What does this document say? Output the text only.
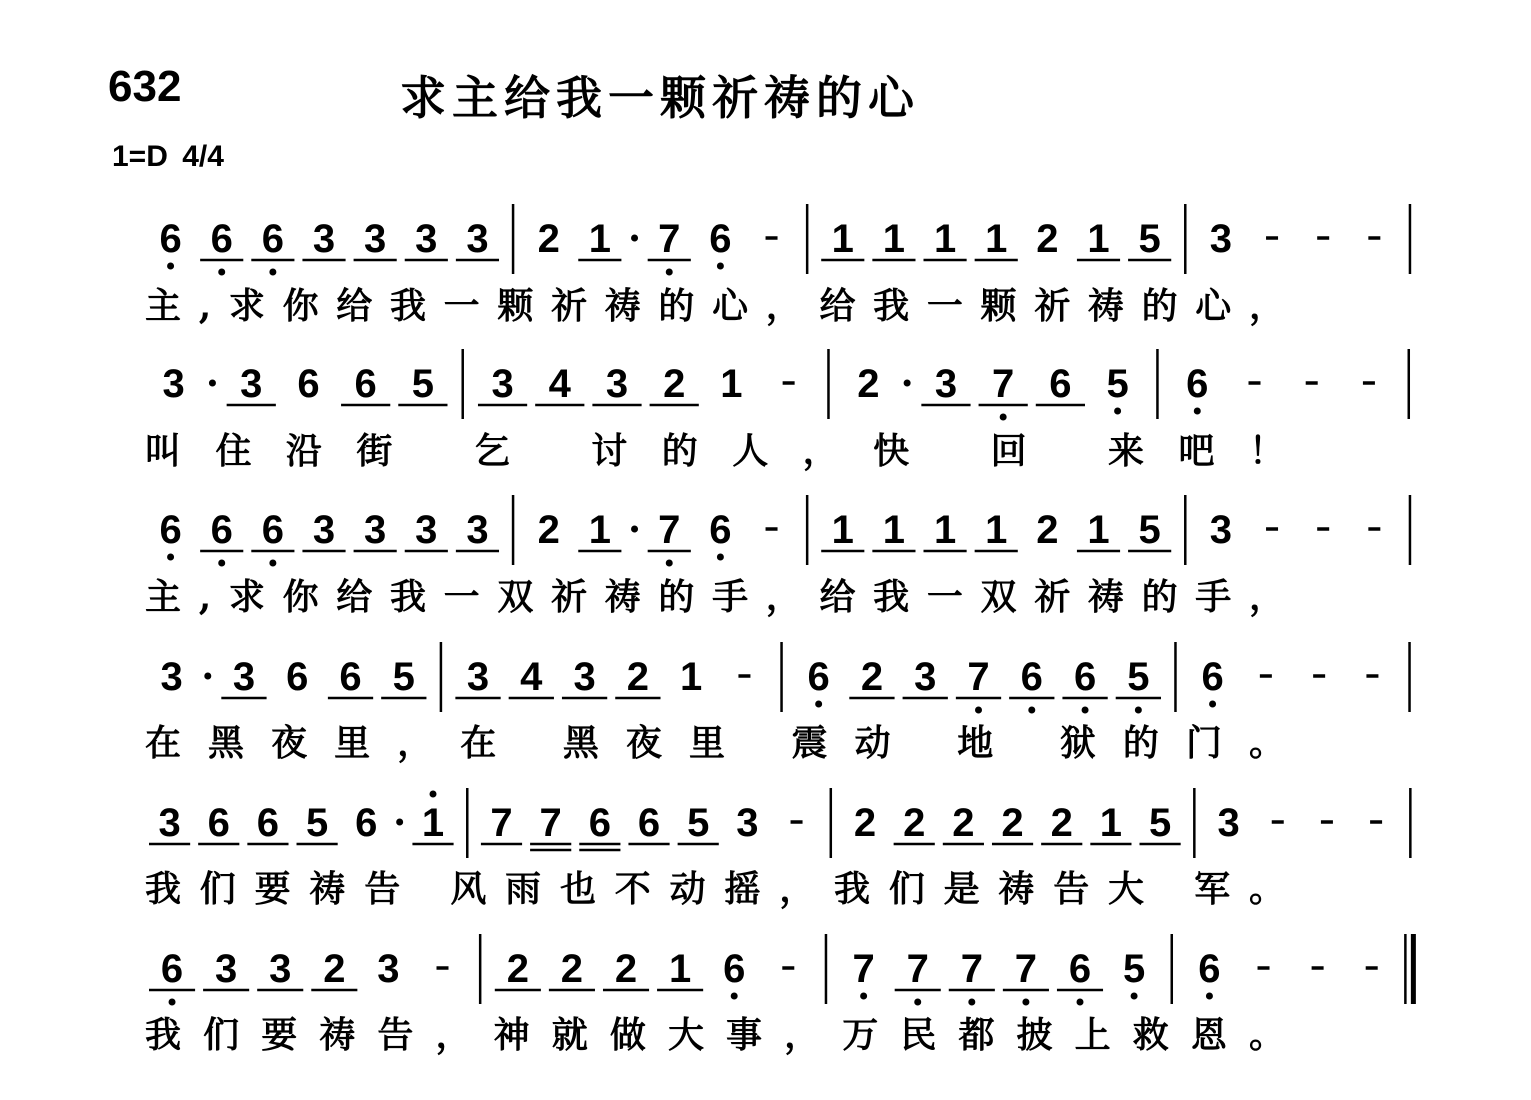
632	求主给我一颗祈祷的心
1=D 4/4
6 6 6 3 3 3 3 2 1 7 6	1 1 1 1 2 1 5 3
主,求你给我一颗祈祷的心，给我一颗祈祷的心，
3 3 6 6 5 3 4 3 2 1	2 3 7 6 5 6
叫住沿街 乞 讨的人，快 回 来吧！
6 6 6 3 3 3 3 2 1 7 6	1 1 1 1 2 1 5 3
主,求你给我一双祈祷的手，给我一双祈祷的手，
3 3 6 6 5 3 4 3 2 1	6 2 3 7 6 6 5 6
在黑夜里，在 黑夜里 震动 地 狱的门。
3 6 6 5 6 1 7 7 6 6 5 3 2 2 2 2 2 1 5 3
我们要祷告 风雨也不动摇，我们是祷告大 军。
6 3 3 2 3	2 2 2 1 6	7 7 7 7 6 5 6
我们要祷告，神就做大事，万民都披上救恩。
